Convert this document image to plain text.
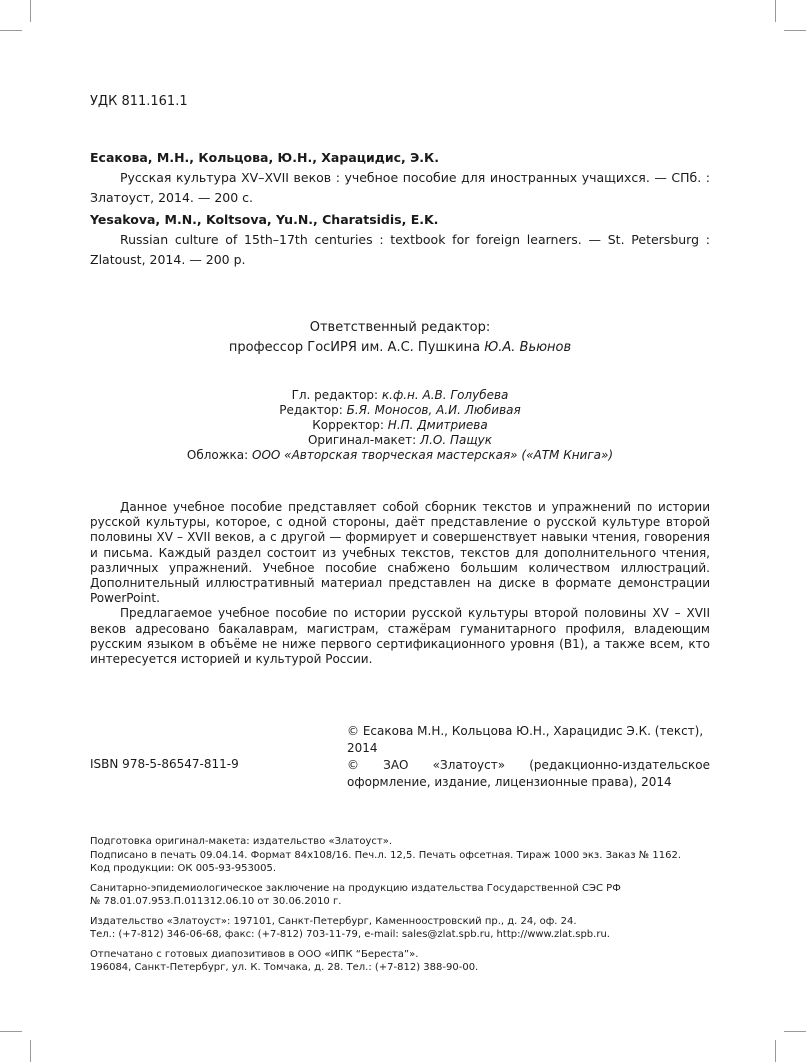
УДК 811.161.1
Есакова, М.Н., Кольцова, Ю.Н., Харацидис, Э.К.
Русская культура XV–XVII веков : учебное пособие для иностранных учащихся. — СПб. : Златоуст, 2014. — 200 с.
Yesakova, M.N., Koltsova, Yu.N., Charatsidis, E.K.
Russian culture of 15th–17th centuries : textbook for foreign learners. — St. Petersburg : Zlatoust, 2014. — 200 p.
Ответственный редактор:
профессор ГосИРЯ им. А.С. Пушкина Ю.А. Вьюнов
Гл. редактор: к.ф.н. А.В. Голубева
Редактор: Б.Я. Моносов, А.И. Любивая
Корректор: Н.П. Дмитриева
Оригинал-макет: Л.О. Пащук
Обложка: ООО «Авторская творческая мастерская» («АТМ Книга»)

Данное учебное пособие представляет собой сборник текстов и упражнений по истории русской культуры, которое, с одной стороны, даёт представление о русской культуре второй половины XV – XVII веков, а с другой — формирует и совершенствует навыки чтения, говорения и письма. Каждый раздел состоит из учебных текстов, текстов для дополнительного чтения, различных упражнений. Учебное пособие снабжено большим количеством иллюстраций. Дополнительный иллюстративный материал представлен на диске в формате демонстрации PowerPoint.

Предлагаемое учебное пособие по истории русской культуры второй половины XV – XVII веков адресовано бакалаврам, магистрам, стажёрам гуманитарного профиля, владеющим русским языком в объёме не ниже первого сертификационного уровня (В1), а также всем, кто интересуется историей и культурой России.

© Есакова М.Н., Кольцова Ю.Н., Харацидис Э.К. (текст), 2014
© ЗАО «Златоуст» (редакционно-издательское оформление, издание, лицензионные права), 2014
ISBN 978-5-86547-811-9
Подготовка оригинал-макета: издательство «Златоуст».
Подписано в печать 09.04.14. Формат 84х108/16. Печ.л. 12,5. Печать офсетная. Тираж 1000 экз. Заказ № 1162.
Код продукции: ОК 005-93-953005.
Санитарно-эпидемиологическое заключение на продукцию издательства Государственной СЭС РФ
№ 78.01.07.953.П.011312.06.10 от 30.06.2010 г.
Издательство «Златоуст»: 197101, Санкт-Петербург, Каменноостровский пр., д. 24, оф. 24.
Тел.: (+7-812) 346-06-68, факс: (+7-812) 703-11-79, e-mail: sales@zlat.spb.ru, http://www.zlat.spb.ru.
Отпечатано с готовых диапозитивов в ООО «ИПК “Береста”».
196084, Санкт-Петербург, ул. К. Томчака, д. 28. Тел.: (+7-812) 388-90-00.
